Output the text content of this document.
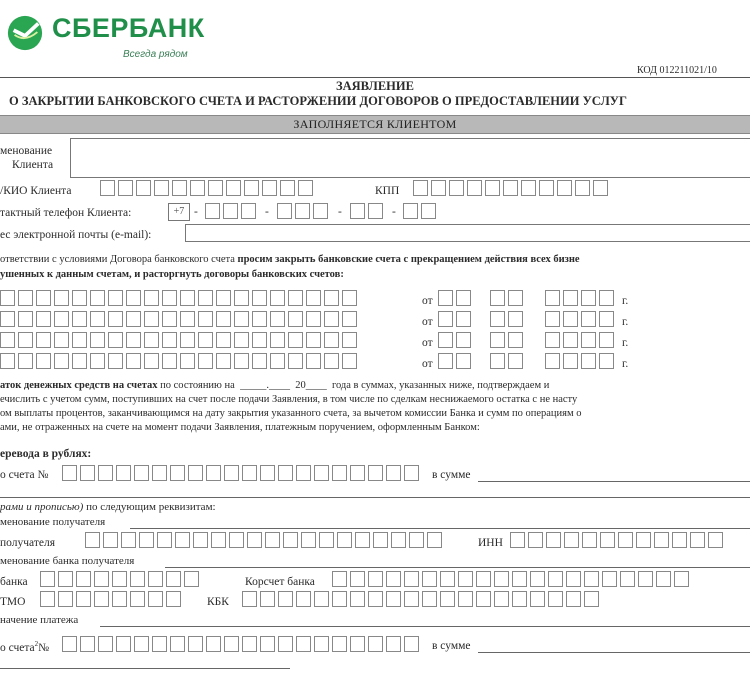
СБЕРБАНК
Всегда рядом
КОД 012211021/10
ЗАЯВЛЕНИЕ
О ЗАКРЫТИИ БАНКОВСКОГО СЧЕТА И РАСТОРЖЕНИИ ДОГОВОРОВ О ПРЕДОСТАВЛЕНИИ УСЛУГ
ЗАПОЛНЯЕТСЯ КЛИЕНТОМ
менование
Клиента
/КИО Клиента	КПП
тактный телефон Клиента:	+7 -	-	-	-
ес электронной почты (e-mail):
ответствии с условиями Договора банковского счета просим закрыть банковские счета с прекращением действия всех бизне
ушенных к данным счетам, и расторгнуть договоры банковских счетов:
от	г.
от	г.
от	г.
от	г.
аток денежных средств на счетах по состоянию на _____.____ 20____ года в суммах, указанных ниже, подтверждаем и
ечислить с учетом сумм, поступивших на счет после подачи Заявления, в том числе по сделкам неснижаемого остатка с не насту
ом выплаты процентов, заканчивающимся на дату закрытия указанного счета, за вычетом комиссии Банка и сумм по операциям о
ами, не отраженных на счете на момент подачи Заявления, платежным поручением, оформленным Банком:
еревода в рублях:
о счета №	в сумме
рами и прописью) по следующим реквизитам:
менование получателя
получателя	ИНН
менование банка получателя
банка	Корсчет банка
ТМО	КБК
начение платежа
о счета$^2$№	в сумме
